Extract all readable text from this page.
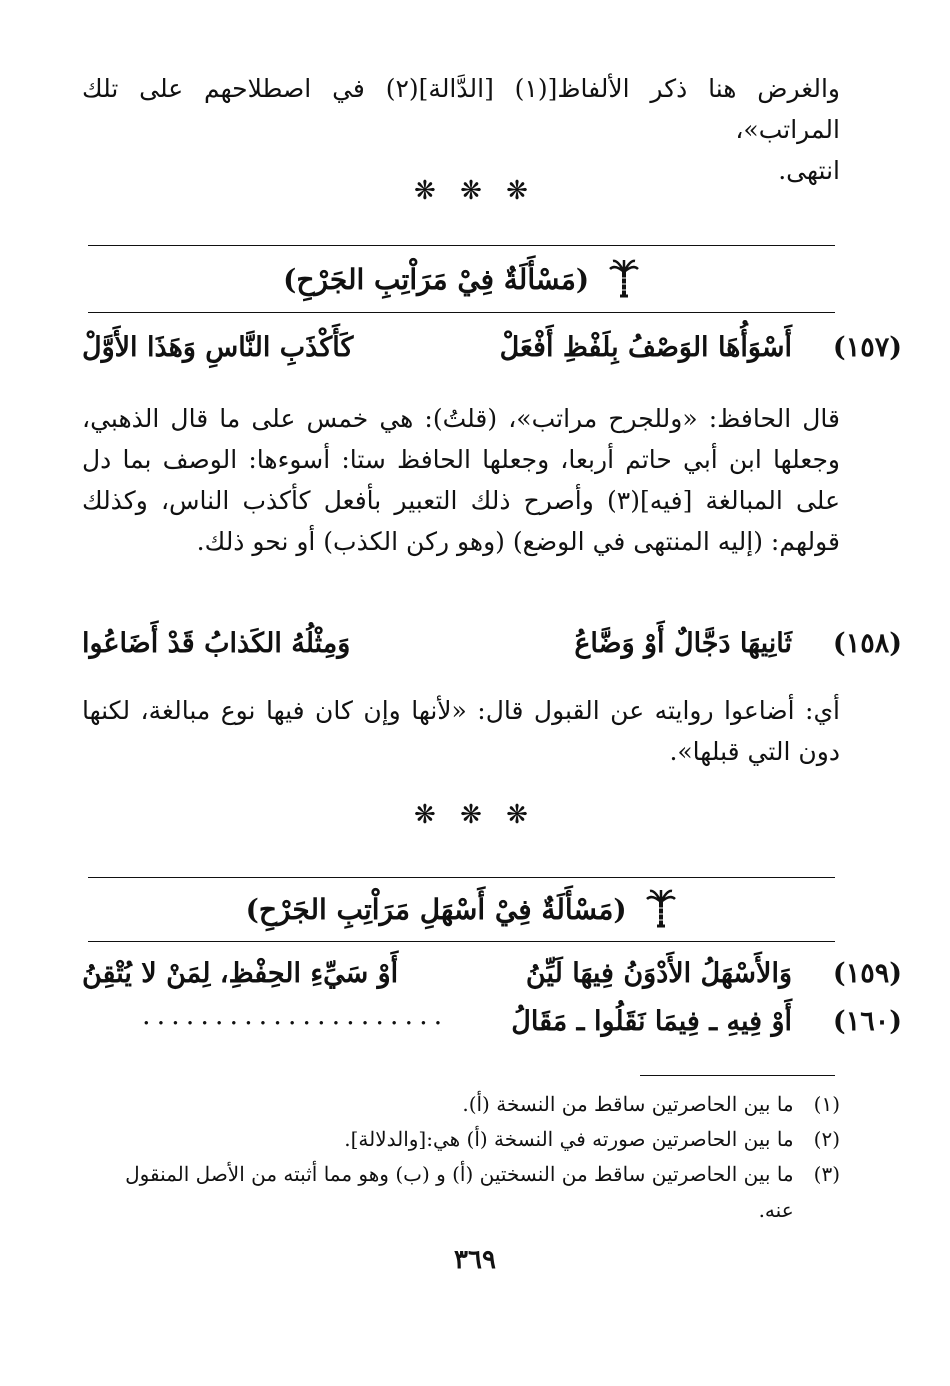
والغرض هنا ذكر الألفاظ[(١) [الدَّالة](٢) في اصطلاحهم على تلك المراتب»،
انتهى.
❋ ❋ ❋
(مَسْأَلَةٌ فِيْ مَرَاْتِبِ الجَرْحِ)
(١٥٧)
أَسْوَأُهَا الوَصْفُ بِلَفْظِ أَفْعَلْ
كَأَكْذَبِ النَّاسِ وَهَذَا الأَوَّلْ
قال الحافظ: «وللجرح مراتب»، (قلتُ): هي خمس على ما قال الذهبي، وجعلها ابن أبي حاتم أربعا، وجعلها الحافظ ستا: أسوءها: الوصف بما دل على المبالغة [فيه](٣) وأصرح ذلك التعبير بأفعل كأكذب الناس، وكذلك قولهم: (إليه المنتهى في الوضع) (وهو ركن الكذب) أو نحو ذلك.
(١٥٨)
ثَانِيهَا دَجَّالٌ أَوْ وَضَّاعُ
وَمِثْلُهُ الكَذابُ قَدْ أَضَاعُوا
أي: أضاعوا روايته عن القبول قال: «لأنها وإن كان فيها نوع مبالغة، لكنها دون التي قبلها».
❋ ❋ ❋
(مَسْأَلَةٌ فِيْ أَسْهَلِ مَرَاْتِبِ الجَرْحِ)
(١٥٩)
وَالأَسْهَلُ الأَدْوَنُ فِيهَا لَيِّنُ
أَوْ سَيِّءِ الحِفْظِ، لِمَنْ لا يُتْقِنُ
(١٦٠)
أَوْ فِيهِ ـ فِيمَا نَقَلُوا ـ مَقَالُ
.....................
(١) ما بين الحاصرتين ساقط من النسخة (أ).
(٢) ما بين الحاصرتين صورته في النسخة (أ) هي:[والدلالة].
(٣) ما بين الحاصرتين ساقط من النسختين (أ) و (ب) وهو مما أثبته من الأصل المنقول
عنه.
٣٦٩
